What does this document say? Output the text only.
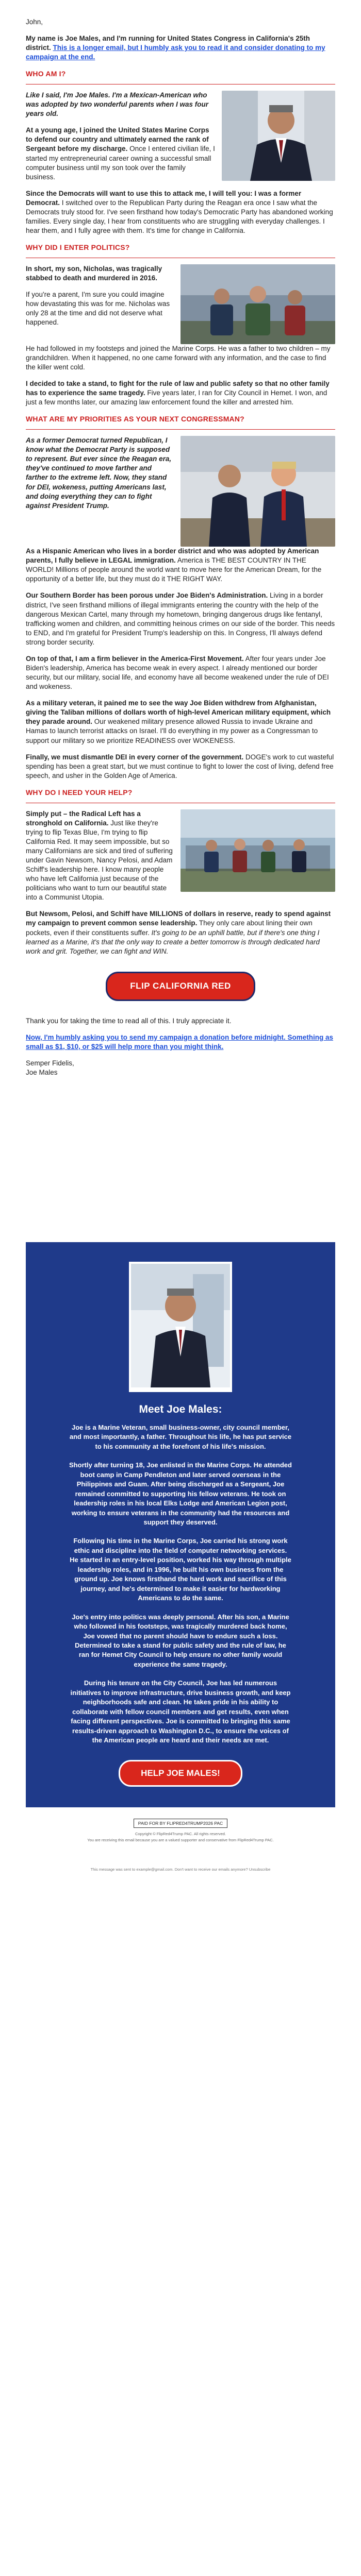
John,

My name is Joe Males, and I'm running for United States Congress in California's 25th district. This is a longer email, but I humbly ask you to read it and consider donating to my campaign at the end.

WHO AM I?

Like I said, I'm Joe Males. I'm a Mexican-American who was adopted by two wonderful parents when I was four years old.

At a young age, I joined the United States Marine Corps to defend our country and ultimately earned the rank of Sergeant before my discharge. Once I entered civilian life, I started my entrepreneurial career owning a successful small computer business until my son took over the family business.

Since the Democrats will want to use this to attack me, I will tell you: I was a former Democrat. I switched over to the Republican Party during the Reagan era once I saw what the Democrats truly stood for. I've seen firsthand how today's Democratic Party has abandoned working families. Every single day, I hear from constituents who are struggling with everyday challenges. I hear them, and I fully agree with them. It's time for change in California.

WHY DID I ENTER POLITICS?

In short, my son, Nicholas, was tragically stabbed to death and murdered in 2016.

If you're a parent, I'm sure you could imagine how devastating this was for me. Nicholas was only 28 at the time and did not deserve what happened.

He had followed in my footsteps and joined the Marine Corps. He was a father to two children – my grandchildren. When it happened, no one came forward with any information, and the case to find the killer went cold.

I decided to take a stand, to fight for the rule of law and public safety so that no other family has to experience the same tragedy. Five years later, I ran for City Council in Hemet. I won, and just a few months later, our amazing law enforcement found the killer and arrested him.

WHAT ARE MY PRIORITIES AS YOUR NEXT CONGRESSMAN?

As a former Democrat turned Republican, I know what the Democrat Party is supposed to represent. But ever since the Reagan era, they've continued to move farther and farther to the extreme left. Now, they stand for DEI, wokeness, putting Americans last, and doing everything they can to fight against President Trump.

As a Hispanic American who lives in a border district and who was adopted by American parents, I fully believe in LEGAL immigration. America is THE BEST COUNTRY IN THE WORLD! Millions of people around the world want to move here for the American Dream, for the opportunity of a better life, but they must do it THE RIGHT WAY.

Our Southern Border has been porous under Joe Biden's Administration. Living in a border district, I've seen firsthand millions of illegal immigrants entering the country with the help of the dangerous Mexican Cartel, many through my hometown, bringing dangerous drugs like fentanyl, trafficking women and children, and committing heinous crimes on our side of the border. This needs to END, and I'm grateful for President Trump's leadership on this. In Congress, I'll always defend strong border security.

On top of that, I am a firm believer in the America-First Movement. After four years under Joe Biden's leadership, America has become weak in every aspect. I already mentioned our border security, but our military, social life, and economy have all become weakened under the rule of DEI and wokeness.

As a military veteran, it pained me to see the way Joe Biden withdrew from Afghanistan, giving the Taliban millions of dollars worth of high-level American military equipment, which they parade around. Our weakened military presence allowed Russia to invade Ukraine and Hamas to launch terrorist attacks on Israel. I'll do everything in my power as a Congressman to support our military so we prioritize READINESS over WOKENESS.

Finally, we must dismantle DEI in every corner of the government. DOGE's work to cut wasteful spending has been a great start, but we must continue to fight to lower the cost of living, defend free speech, and usher in the Golden Age of America.

WHY DO I NEED YOUR HELP?

Simply put – the Radical Left has a stronghold on California. Just like they're trying to flip Texas Blue, I'm trying to flip California Red. It may seem impossible, but so many Californians are sick and tired of suffering under Gavin Newsom, Nancy Pelosi, and Adam Schiff's leadership here. I know many people who have left California just because of the politicians who want to turn our beautiful state into a Communist Utopia.

But Newsom, Pelosi, and Schiff have MILLIONS of dollars in reserve, ready to spend against my campaign to prevent common sense leadership. They only care about lining their own pockets, even if their constituents suffer. It's going to be an uphill battle, but if there's one thing I learned as a Marine, it's that the only way to create a better tomorrow is through dedicated hard work and grit. Together, we can fight and WIN.

FLIP CALIFORNIA RED

Thank you for taking the time to read all of this. I truly appreciate it.

Now, I'm humbly asking you to send my campaign a donation before midnight. Something as small as $1, $10, or $25 will help more than you might think.

Semper Fidelis,
Joe Males
Meet Joe Males:

Joe is a Marine Veteran, small business-owner, city council member, and most importantly, a father. Throughout his life, he has put service to his community at the forefront of his life's mission.

Shortly after turning 18, Joe enlisted in the Marine Corps. He attended boot camp in Camp Pendleton and later served overseas in the Philippines and Guam. After being discharged as a Sergeant, Joe remained committed to supporting his fellow veterans. He took on leadership roles in his local Elks Lodge and American Legion post, working to ensure veterans in the community had the resources and support they deserved.

Following his time in the Marine Corps, Joe carried his strong work ethic and discipline into the field of computer networking services. He started in an entry-level position, worked his way through multiple leadership roles, and in 1996, he built his own business from the ground up. Joe knows firsthand the hard work and sacrifice of this journey, and he's determined to make it easier for hardworking Americans to do the same.

Joe's entry into politics was deeply personal. After his son, a Marine who followed in his footsteps, was tragically murdered back home, Joe vowed that no parent should have to endure such a loss. Determined to take a stand for public safety and the rule of law, he ran for Hemet City Council to help ensure no other family would experience the same tragedy.

During his tenure on the City Council, Joe has led numerous initiatives to improve infrastructure, drive business growth, and keep neighborhoods safe and clean. He takes pride in his ability to collaborate with fellow council members and get results, even when facing different perspectives. Joe is committed to bringing this same results-driven approach to Washington D.C., to ensure the voices of the American people are heard and their needs are met.

HELP JOE MALES!
PAID FOR BY FLIPRED4TRUMP2026 PAC
Copyright © FlipRed4Trump PAC. All rights reserved.
You are receiving this email because you are a valued supporter and conservative from FlipRed4Trump PAC.
This message was sent to example@gmail.com. Don't want to receive our emails anymore? Unsubscribe
